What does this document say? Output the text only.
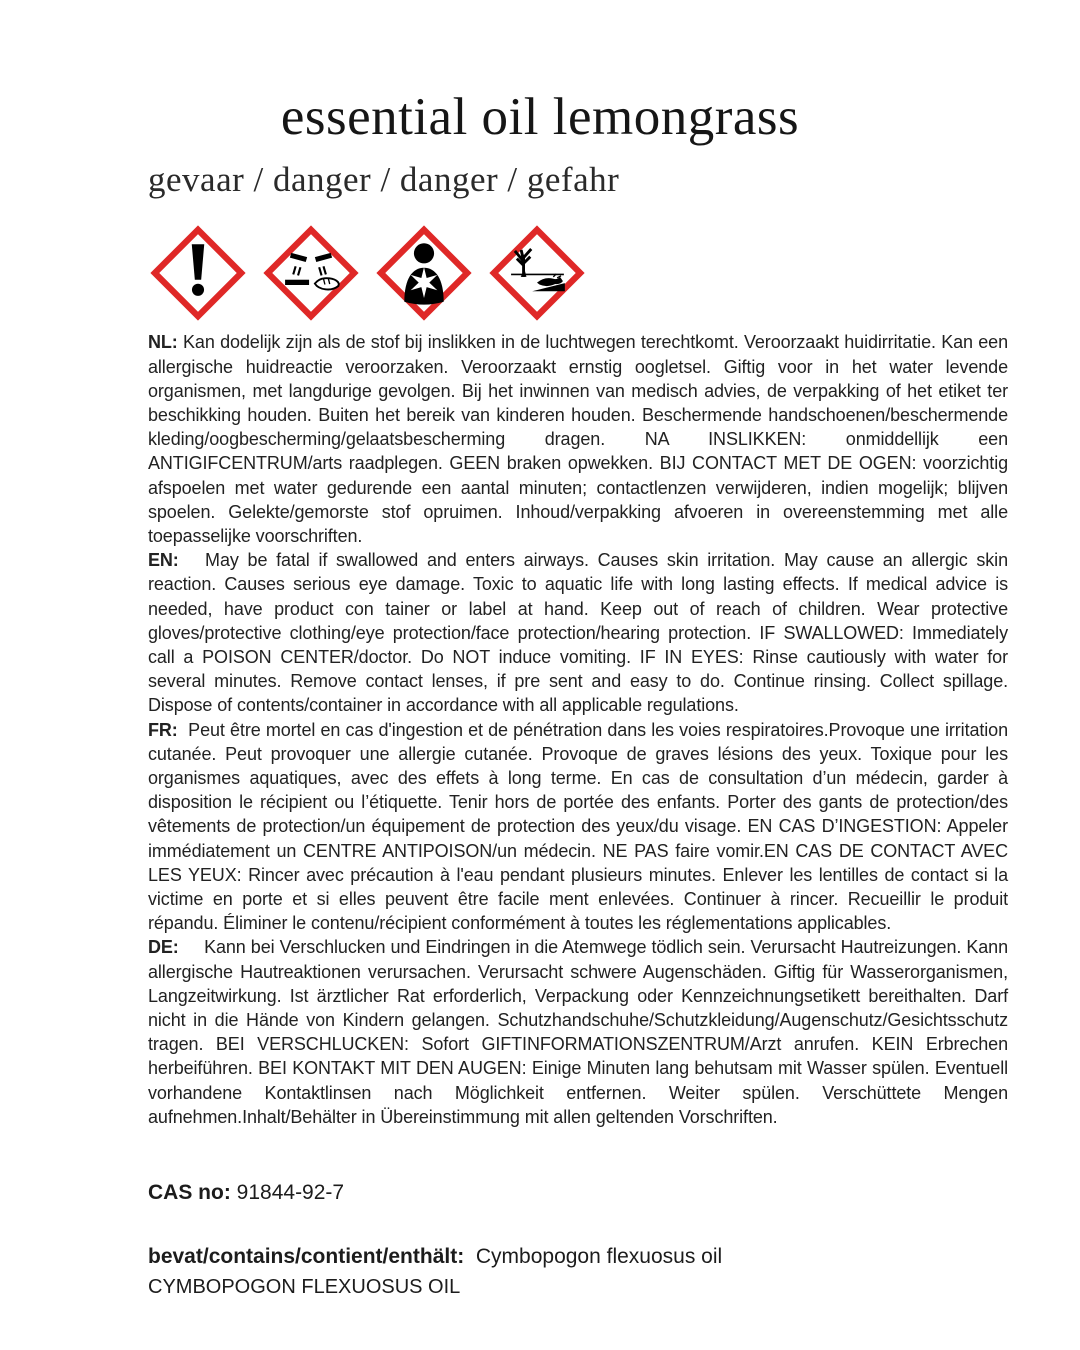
essential oil lemongrass
gevaar / danger / danger / gefahr

NL: Kan dodelijk zijn als de stof bij inslikken in de luchtwegen terechtkomt. Veroorzaakt huidirritatie. Kan een allergische huidreactie veroorzaken. Veroorzaakt ernstig oogletsel. Giftig voor in het water levende organismen, met langdurige gevolgen. Bij het inwinnen van medisch advies, de verpakking of het etiket ter beschikking houden. Buiten het bereik van kinderen houden. Beschermende handschoenen/beschermende kleding/oogbescherming/gelaatsbescherming dragen. NA INSLIKKEN: onmiddellijk een ANTIGIFCENTRUM/arts raadplegen. GEEN braken opwekken. BIJ CONTACT MET DE OGEN: voorzichtig afspoelen met water gedurende een aantal minuten; contactlenzen verwijderen, indien mogelijk; blijven spoelen. Gelekte/gemorste stof opruimen. Inhoud/verpakking afvoeren in overeenstemming met alle toepasselijke voorschriften.

EN:   May be fatal if swallowed and enters airways. Causes skin irritation. May cause an allergic skin reaction. Causes serious eye damage. Toxic to aquatic life with long lasting effects. If medical advice is needed, have product con tainer or label at hand. Keep out of reach of children. Wear protective gloves/protective clothing/eye protection/face protection/hearing protection. IF SWALLOWED: Immediately call a POISON CENTER/doctor. Do NOT induce vomiting. IF IN EYES: Rinse cautiously with water for several minutes. Remove contact lenses, if pre sent and easy to do. Continue rinsing. Collect spillage. Dispose of contents/container in accordance with all applicable regulations.

FR:  Peut être mortel en cas d'ingestion et de pénétration dans les voies respiratoires.Provoque une irritation cutanée. Peut provoquer une allergie cutanée. Provoque de graves lésions des yeux. Toxique pour les organismes aquatiques, avec des effets à long terme. En cas de consultation d’un médecin, garder à disposition le récipient ou l’étiquette. Tenir hors de portée des enfants. Porter des gants de protection/des vêtements de protection/un équipement de protection des yeux/du visage. EN CAS D’INGESTION: Appeler immédiatement un CENTRE ANTIPOISON/un médecin. NE PAS faire vomir.EN CAS DE CONTACT AVEC LES YEUX: Rincer avec précaution à l'eau pendant plusieurs minutes. Enlever les lentilles de contact si la victime en porte et si elles peuvent être facile ment enlevées. Continuer à rincer. Recueillir le produit répandu. Éliminer le contenu/récipient conformément à toutes les réglementations applicables.

DE:     Kann bei Verschlucken und Eindringen in die Atemwege tödlich sein. Verursacht Hautreizungen. Kann allergische Hautreaktionen verursachen. Verursacht schwere Augenschäden. Giftig für Wasserorganismen, Langzeitwirkung. Ist ärztlicher Rat erforderlich, Verpackung oder Kennzeichnungsetikett bereithalten. Darf nicht in die Hände von Kindern gelangen. Schutzhandschuhe/Schutzkleidung/Augenschutz/Gesichtsschutz tragen. BEI VERSCHLUCKEN: Sofort GIFTINFORMATIONSZENTRUM/Arzt anrufen. KEIN Erbrechen herbeiführen. BEI KONTAKT MIT DEN AUGEN: Einige Minuten lang behutsam mit Wasser spülen. Eventuell vorhandene Kontaktlinsen nach Möglichkeit entfernen. Weiter spülen. Verschüttete Mengen aufnehmen.Inhalt/Behälter in Übereinstimmung mit allen geltenden Vorschriften.

CAS no: 91844-92-7

bevat/contains/contient/enthält:  Cymbopogon flexuosus oil

CYMBOPOGON FLEXUOSUS OIL
